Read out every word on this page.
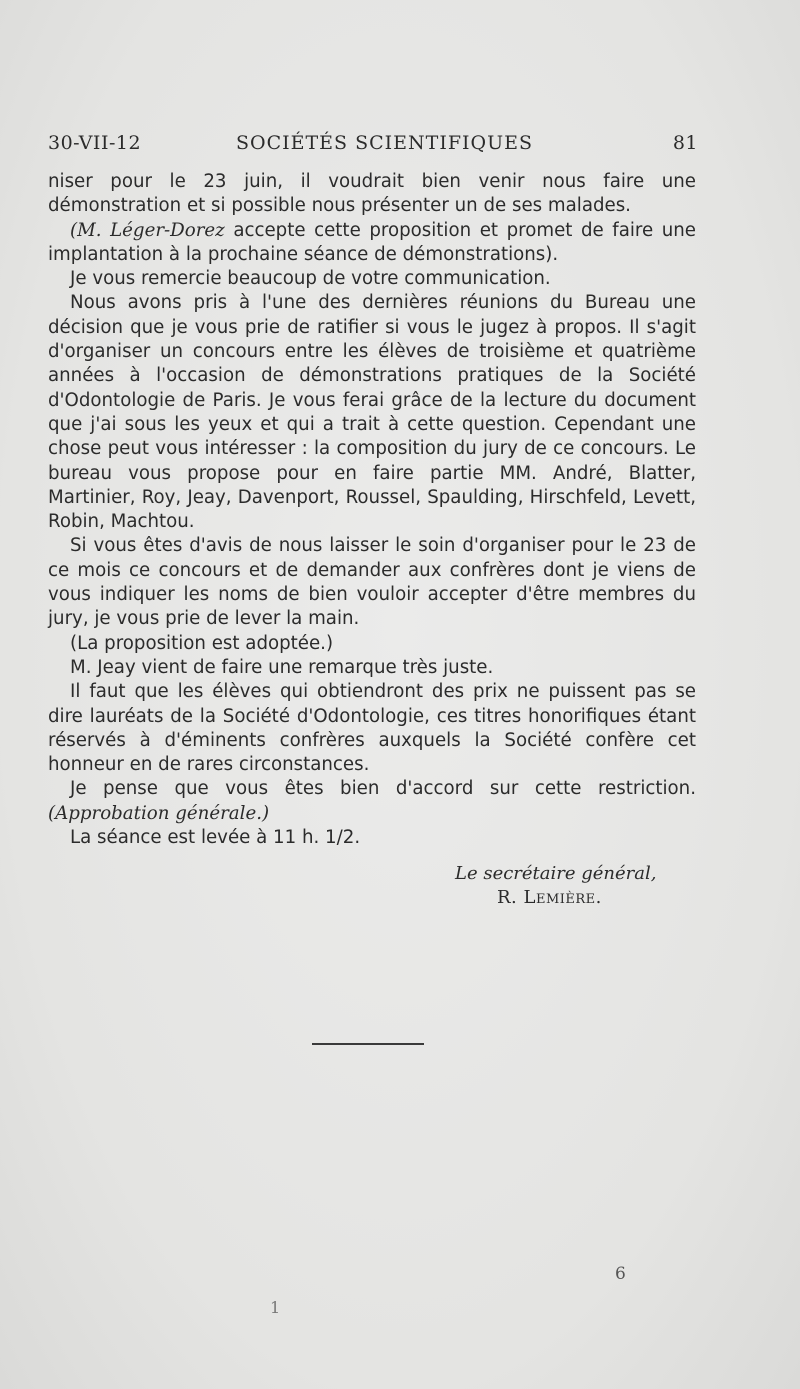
30-VII-12	SOCIÉTÉS SCIENTIFIQUES	81

niser pour le 23 juin, il voudrait bien venir nous faire une démonstration et si possible nous présenter un de ses malades.

(M. Léger-Dorez accepte cette proposition et promet de faire une implantation à la prochaine séance de démonstrations).

Je vous remercie beaucoup de votre communication.

Nous avons pris à l'une des dernières réunions du Bureau une décision que je vous prie de ratifier si vous le jugez à propos. Il s'agit d'organiser un concours entre les élèves de troisième et quatrième années à l'occasion de démonstrations pratiques de la Société d'Odontologie de Paris. Je vous ferai grâce de la lecture du document que j'ai sous les yeux et qui a trait à cette question. Cependant une chose peut vous intéresser : la composition du jury de ce concours. Le bureau vous propose pour en faire partie MM. André, Blatter, Martinier, Roy, Jeay, Davenport, Roussel, Spaulding, Hirschfeld, Levett, Robin, Machtou.

Si vous êtes d'avis de nous laisser le soin d'organiser pour le 23 de ce mois ce concours et de demander aux confrères dont je viens de vous indiquer les noms de bien vouloir accepter d'être membres du jury, je vous prie de lever la main.

(La proposition est adoptée.)

M. Jeay vient de faire une remarque très juste.

Il faut que les élèves qui obtiendront des prix ne puissent pas se dire lauréats de la Société d'Odontologie, ces titres honorifiques étant réservés à d'éminents confrères auxquels la Société confère cet honneur en de rares circonstances.

Je pense que vous êtes bien d'accord sur cette restriction. (Approbation générale.)

La séance est levée à 11 h. 1/2.

Le secrétaire général,
R. Lemière.
6
1
